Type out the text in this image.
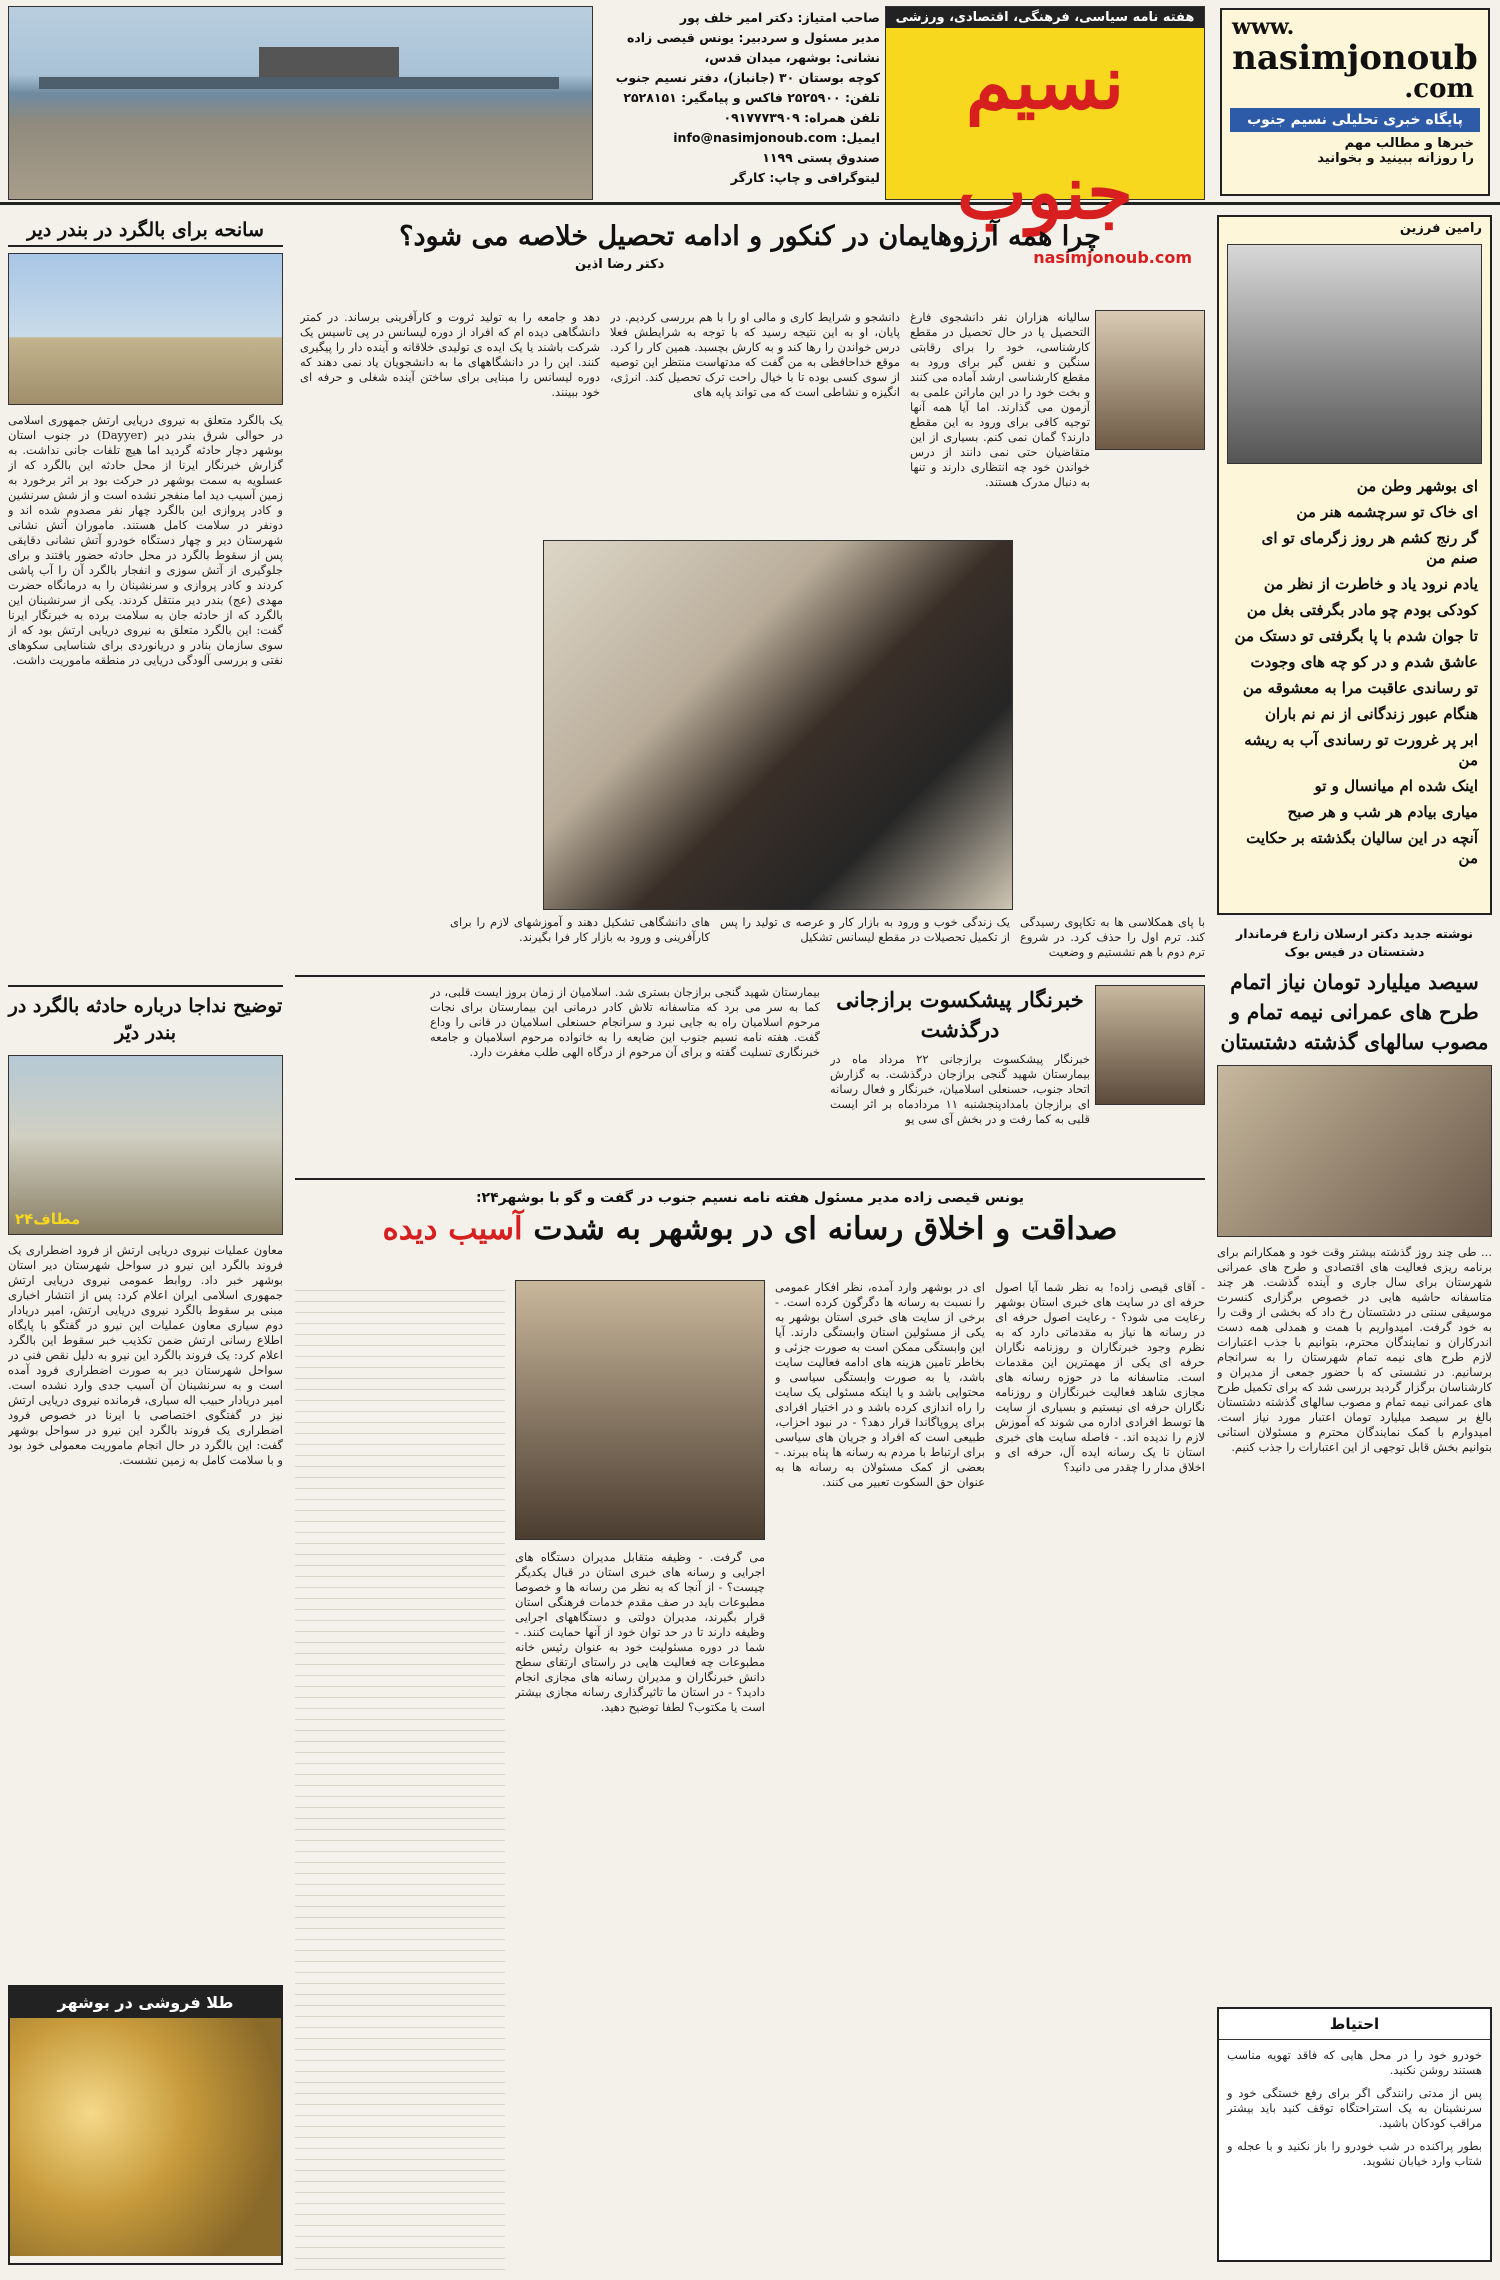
www.
nasimjonoub
.com
پایگاه خبری تحلیلی نسیم جنوب
خبرها و مطالب مهم
را روزانه ببینید و بخوانید
هفته نامه سیاسی، فرهنگی، اقتصادی، ورزشی
نسیم جنوب
nasimjonoub.com
صاحب امتیاز: دکتر امیر خلف پور
مدیر مسئول و سردبیر: یونس قیصی زاده
نشانی: بوشهر، میدان قدس،
کوچه بوستان ۳۰ (جانباز)، دفتر نسیم جنوب
تلفن: ۲۵۲۵۹۰۰ فاکس و پیامگیر: ۲۵۲۸۱۵۱
تلفن همراه: ۰۹۱۷۷۷۳۹۰۹
ایمیل: info@nasimjonoub.com
صندوق پستی ۱۱۹۹
لیتوگرافی و چاپ: کارگر
رامین فرزین

ای بوشهر وطن من

ای خاک تو سرچشمه هنر من

گر رنج کشم هر روز زگرمای تو ای صنم من

یادم نرود یاد و خاطرت از نظر من

کودکی بودم چو مادر بگرفتی بغل من

تا جوان شدم با پا بگرفتی تو دستک من

عاشق شدم و در کو چه های وجودت

تو رساندی عاقبت مرا به معشوقه من

هنگام عبور زندگانی از نم نم باران

ابر پر غرورت تو رساندی آب به ریشه من

اینک شده ام میانسال و تو

میاری بیادم هر شب و هر صبح

آنچه در این سالیان بگذشته بر حکایت من

نوشته جدید دکتر ارسلان زارع فرماندار دشتستان در فیس بوک
سیصد میلیارد تومان نیاز اتمام طرح های عمرانی نیمه تمام و مصوب سالهای گذشته دشتستان
... طی چند روز گذشته بیشتر وقت خود و همکارانم برای برنامه ریزی فعالیت های اقتصادی و طرح های عمرانی شهرستان برای سال جاری و آینده گذشت. هر چند متاسفانه حاشیه هایی در خصوص برگزاری کنسرت موسیقی سنتی در دشتستان رخ داد که بخشی از وقت را به خود گرفت. امیدواریم با همت و همدلی همه دست اندرکاران و نمایندگان محترم، بتوانیم با جذب اعتبارات لازم طرح های نیمه تمام شهرستان را به سرانجام برسانیم. در نشستی که با حضور جمعی از مدیران و کارشناسان برگزار گردید بررسی شد که برای تکمیل طرح های عمرانی نیمه تمام و مصوب سالهای گذشته دشتستان بالغ بر سیصد میلیارد تومان اعتبار مورد نیاز است. امیدوارم با کمک نمایندگان محترم و مسئولان استانی بتوانیم بخش قابل توجهی از این اعتبارات را جذب کنیم.
احتیاط

خودرو خود را در محل هایی که فاقد تهویه مناسب هستند روشن نکنید.

پس از مدتی رانندگی اگر برای رفع خستگی خود و سرنشینان به یک استراحتگاه توقف کنید باید بیشتر مراقب کودکان باشید.

بطور پراکنده در شب خودرو را باز نکنید و با عجله و شتاب وارد خیابان نشوید.

سانحه برای بالگرد در بندر دیر
یک بالگرد متعلق به نیروی دریایی ارتش جمهوری اسلامی در حوالی شرق بندر دیر (Dayyer) در جنوب استان بوشهر دچار حادثه گردید اما هیچ تلفات جانی نداشت. به گزارش خبرنگار ایرنا از محل حادثه این بالگرد که از عسلویه به سمت بوشهر در حرکت بود بر اثر برخورد به زمین آسیب دید اما منفجر نشده است و از شش سرنشین و کادر پروازی این بالگرد چهار نفر مصدوم شده اند و دونفر در سلامت کامل هستند. ماموران آتش نشانی شهرستان دیر و چهار دستگاه خودرو آتش نشانی دقایقی پس از سقوط بالگرد در محل حادثه حضور یافتند و برای جلوگیری از آتش سوزی و انفجار بالگرد آن را آب پاشی کردند و کادر پروازی و سرنشینان را به درمانگاه حضرت مهدی (عج) بندر دیر منتقل کردند. یکی از سرنشینان این بالگرد که از حادثه جان به سلامت برده به خبرنگار ایرنا گفت: این بالگرد متعلق به نیروی دریایی ارتش بود که از سوی سازمان بنادر و دریانوردی برای شناسایی سکوهای نفتی و بررسی آلودگی دریایی در منطقه ماموریت داشت.
توضیح نداجا درباره حادثه بالگرد در بندر دیّر
مطاف۲۴
معاون عملیات نیروی دریایی ارتش از فرود اضطراری یک فروند بالگرد این نیرو در سواحل شهرستان دیر استان بوشهر خبر داد. روابط عمومی نیروی دریایی ارتش جمهوری اسلامی ایران اعلام کرد: پس از انتشار اخباری مبنی بر سقوط بالگرد نیروی دریایی ارتش، امیر دریادار دوم سیاری معاون عملیات این نیرو در گفتگو با پایگاه اطلاع رسانی ارتش ضمن تکذیب خبر سقوط این بالگرد اعلام کرد: یک فروند بالگرد این نیرو به دلیل نقص فنی در سواحل شهرستان دیر به صورت اضطراری فرود آمده است و به سرنشینان آن آسیب جدی وارد نشده است. امیر دریادار حبیب اله سیاری، فرمانده نیروی دریایی ارتش نیز در گفتگوی اختصاصی با ایرنا در خصوص فرود اضطراری یک فروند بالگرد این نیرو در سواحل بوشهر گفت: این بالگرد در حال انجام ماموریت معمولی خود بود و با سلامت کامل به زمین نشست.
طلا فروشی در بوشهر
چرا همه آرزوهایمان در کنکور و ادامه تحصیل خلاصه می شود؟
دکتر رضا اذین
سالیانه هزاران نفر دانشجوی فارغ التحصیل یا در حال تحصیل در مقطع کارشناسی، خود را برای رقابتی سنگین و نفس گیر برای ورود به مقطع کارشناسی ارشد آماده می کنند و بخت خود را در این ماراتن علمی به آزمون می گذارند. اما آیا همه آنها توجیه کافی برای ورود به این مقطع دارند؟ گمان نمی کنم. بسیاری از این متقاضیان حتی نمی دانند از درس خواندن خود چه انتظاری دارند و تنها به دنبال مدرک هستند.
دانشجو و شرایط کاری و مالی او را با هم بررسی کردیم. در پایان، او به این نتیجه رسید که با توجه به شرایطش فعلا درس خواندن را رها کند و به کارش بچسبد. همین کار را کرد. موقع خداحافظی به من گفت که مدتهاست منتظر این توصیه از سوی کسی بوده تا با خیال راحت ترک تحصیل کند. انرژی، انگیزه و نشاطی است که می تواند پایه های
دهد و جامعه را به تولید ثروت و کارآفرینی برساند. در کمتر دانشگاهی دیده ام که افراد از دوره لیسانس در پی تاسیس یک شرکت باشند یا یک ایده ی تولیدی خلاقانه و آینده دار را پیگیری کنند. این را در دانشگاههای ما به دانشجویان یاد نمی دهند که دوره لیسانس را مبنایی برای ساختن آینده شغلی و حرفه ای خود ببینند.
با پای همکلاسی ها به تکاپوی رسیدگی کند. ترم اول را حذف کرد. در شروع ترم دوم با هم نشستیم و وضعیت
یک زندگی خوب و ورود به بازار کار و عرصه ی تولید را پس از تکمیل تحصیلات در مقطع لیسانس تشکیل
های دانشگاهی تشکیل دهند و آموزشهای لازم را برای کارآفرینی و ورود به بازار کار فرا بگیرند.
خبرنگار پیشکسوت برازجانی درگذشت
خبرنگار پیشکسوت برازجانی ۲۲ مرداد ماه در بیمارستان شهید گنجی برازجان درگذشت. به گزارش اتحاد جنوب، حسنعلی اسلامیان، خبرنگار و فعال رسانه ای برازجان بامدادپنجشنبه ۱۱ مردادماه بر اثر ایست قلبی به کما رفت و در بخش آی سی یو
بیمارستان شهید گنجی برازجان بستری شد. اسلامیان از زمان بروز ایست قلبی، در کما به سر می برد که متاسفانه تلاش کادر درمانی این بیمارستان برای نجات مرحوم اسلامیان راه به جایی نبرد و سرانجام حسنعلی اسلامیان در فانی را وداع گفت. هفته نامه نسیم جنوب این ضایعه را به خانواده مرحوم اسلامیان و جامعه خبرنگاری تسلیت گفته و برای آن مرحوم از درگاه الهی طلب مغفرت دارد.
یونس قیصی زاده مدیر مسئول هفته نامه نسیم جنوب در گفت و گو با بوشهر۲۴:
صداقت و اخلاق رسانه ای در بوشهر به شدت آسیب دیده
- آقای قیصی زاده! به نظر شما آیا اصول حرفه ای در سایت های خبری استان بوشهر رعایت می شود؟ - رعایت اصول حرفه ای در رسانه ها نیاز به مقدماتی دارد که به نظرم وجود خبرنگاران و روزنامه نگاران حرفه ای یکی از مهمترین این مقدمات است. متاسفانه ما در حوزه رسانه های مجازی شاهد فعالیت خبرنگاران و روزنامه نگاران حرفه ای نیستیم و بسیاری از سایت ها توسط افرادی اداره می شوند که آموزش لازم را ندیده اند. - فاصله سایت های خبری استان تا یک رسانه ایده آل، حرفه ای و اخلاق مدار را چقدر می دانید؟
ای در بوشهر وارد آمده، نظر افکار عمومی را نسبت به رسانه ها دگرگون کرده است. - برخی از سایت های خبری استان بوشهر به یکی از مسئولین استان وابستگی دارند. آیا این وابستگی ممکن است به صورت جزئی و بخاطر تامین هزینه های ادامه فعالیت سایت باشد، یا به صورت وابستگی سیاسی و محتوایی باشد و یا اینکه مسئولی یک سایت را راه اندازی کرده باشد و در اختیار افرادی برای پروپاگاندا قرار دهد؟ - در نبود احزاب، طبیعی است که افراد و جریان های سیاسی برای ارتباط با مردم به رسانه ها پناه ببرند. - بعضی از کمک مسئولان به رسانه ها به عنوان حق السکوت تعبیر می کنند.
می گرفت. - وظیفه متقابل مدیران دستگاه های اجرایی و رسانه های خبری استان در قبال یکدیگر چیست؟ - از آنجا که به نظر من رسانه ها و خصوصا مطبوعات باید در صف مقدم خدمات فرهنگی استان قرار بگیرند، مدیران دولتی و دستگاههای اجرایی وظیفه دارند تا در حد توان خود از آنها حمایت کنند. - شما در دوره مسئولیت خود به عنوان رئیس خانه مطبوعات چه فعالیت هایی در راستای ارتقای سطح دانش خبرنگاران و مدیران رسانه های مجازی انجام دادید؟ - در استان ما تاثیرگذاری رسانه مجازی بیشتر است یا مکتوب؟ لطفا توضیح دهید.
